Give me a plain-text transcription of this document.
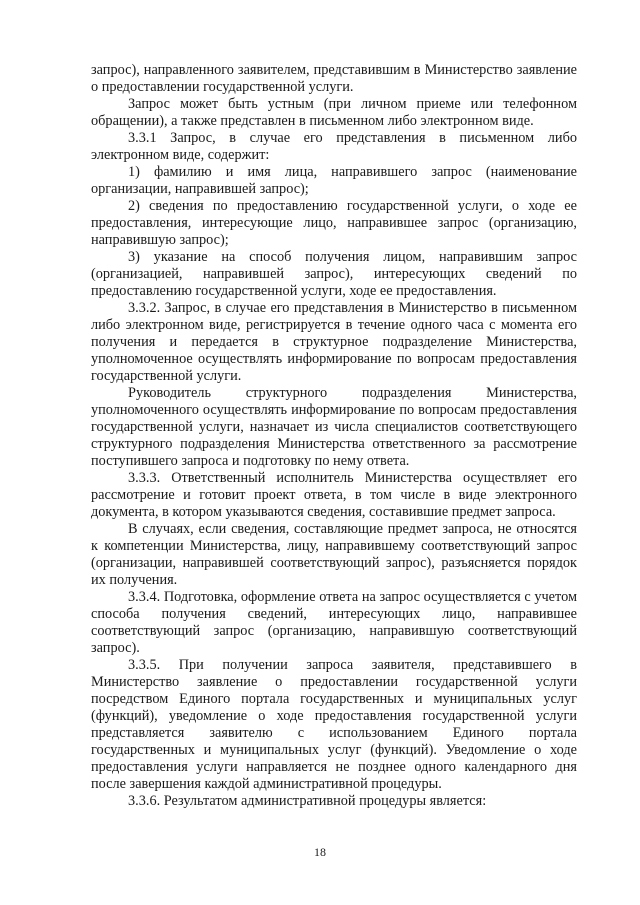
запрос), направленного заявителем, представившим в Министерство заявление о предоставлении государственной услуги.

Запрос может быть устным (при личном приеме или телефонном обращении), а также представлен в письменном либо электронном виде.

3.3.1 Запрос, в случае его представления в письменном либо электронном виде, содержит:

1) фамилию и имя лица, направившего запрос (наименование организации, направившей запрос);

2) сведения по предоставлению государственной услуги, о ходе ее предоставления, интересующие лицо, направившее запрос (организацию, направившую запрос);

3) указание на способ получения лицом, направившим запрос (организацией, направившей запрос), интересующих сведений по предоставлению государственной услуги, ходе ее предоставления.

3.3.2. Запрос, в случае его представления в Министерство в письменном либо электронном виде, регистрируется в течение одного часа с момента его получения и передается в структурное подразделение Министерства, уполномоченное осуществлять информирование по вопросам предоставления государственной услуги.

Руководитель структурного подразделения Министерства, уполномоченного осуществлять информирование по вопросам предоставления государственной услуги, назначает из числа специалистов соответствующего структурного подразделения Министерства ответственного за рассмотрение поступившего запроса и подготовку по нему ответа.

3.3.3. Ответственный исполнитель Министерства осуществляет его рассмотрение и готовит проект ответа, в том числе в виде электронного документа, в котором указываются сведения, составившие предмет запроса.

В случаях, если сведения, составляющие предмет запроса, не относятся к компетенции Министерства, лицу, направившему соответствующий запрос (организации, направившей соответствующий запрос), разъясняется порядок их получения.

3.3.4. Подготовка, оформление ответа на запрос осуществляется с учетом способа получения сведений, интересующих лицо, направившее соответствующий запрос (организацию, направившую соответствующий запрос).

3.3.5. При получении запроса заявителя, представившего в Министерство заявление о предоставлении государственной услуги посредством Единого портала государственных и муниципальных услуг (функций), уведомление о ходе предоставления государственной услуги представляется заявителю с использованием Единого портала государственных и муниципальных услуг (функций). Уведомление о ходе предоставления услуги направляется не позднее одного календарного дня после завершения каждой административной процедуры.

3.3.6. Результатом административной процедуры является:

18
